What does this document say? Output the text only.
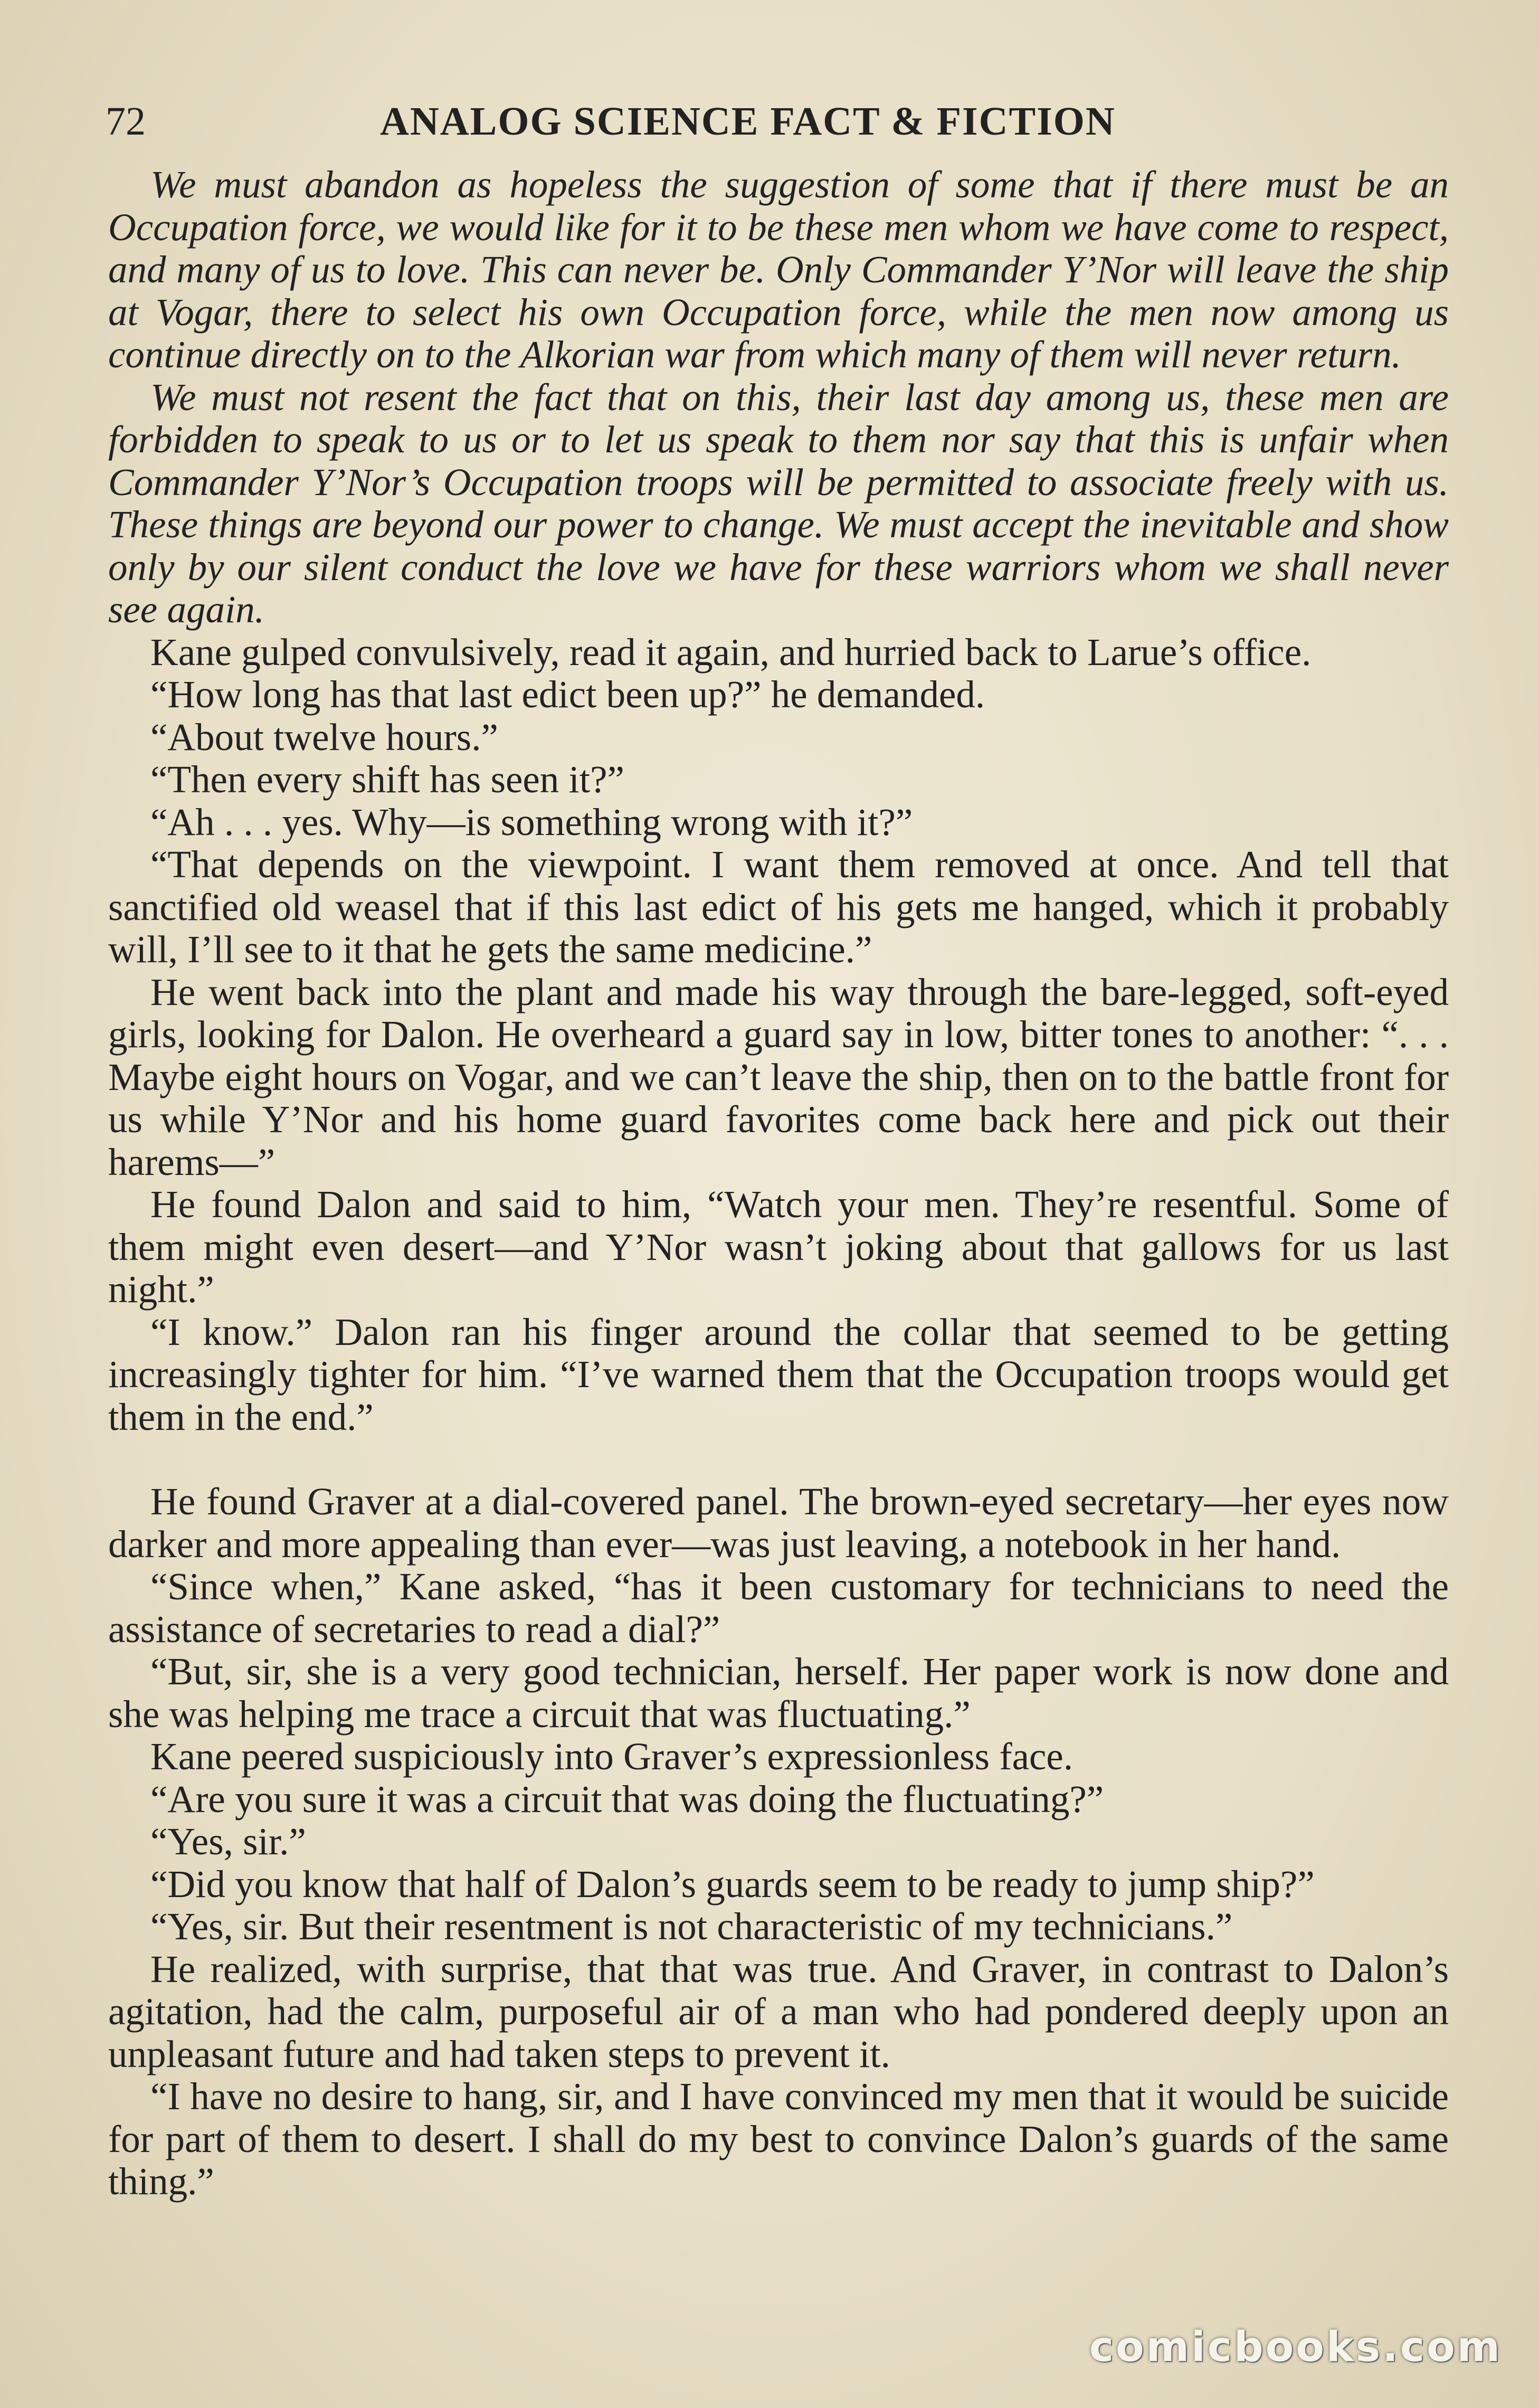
72	ANALOG SCIENCE FACT & FICTION

We must abandon as hopeless the suggestion of some that if there must be an Occupation force, we would like for it to be these men whom we have come to respect, and many of us to love. This can never be. Only Commander Y’Nor will leave the ship at Vogar, there to select his own Occupation force, while the men now among us continue directly on to the Alkorian war from which many of them will never return.

We must not resent the fact that on this, their last day among us, these men are forbidden to speak to us or to let us speak to them nor say that this is unfair when Commander Y’Nor’s Occupation troops will be permitted to associate freely with us. These things are beyond our power to change. We must accept the inevitable and show only by our silent conduct the love we have for these warriors whom we shall never see again.

Kane gulped convulsively, read it again, and hurried back to Larue’s office.

“How long has that last edict been up?” he demanded.

“About twelve hours.”

“Then every shift has seen it?”

“Ah . . . yes. Why—is something wrong with it?”

“That depends on the viewpoint. I want them removed at once. And tell that sanctified old weasel that if this last edict of his gets me hanged, which it probably will, I’ll see to it that he gets the same medicine.”

He went back into the plant and made his way through the bare-legged, soft-eyed girls, looking for Dalon. He overheard a guard say in low, bitter tones to another: “. . . Maybe eight hours on Vogar, and we can’t leave the ship, then on to the battle front for us while Y’Nor and his home guard favorites come back here and pick out their harems—”

He found Dalon and said to him, “Watch your men. They’re resentful. Some of them might even desert—and Y’Nor wasn’t joking about that gallows for us last night.”

“I know.” Dalon ran his finger around the collar that seemed to be getting increasingly tighter for him. “I’ve warned them that the Occupation troops would get them in the end.”

He found Graver at a dial-covered panel. The brown-eyed secretary—her eyes now darker and more appealing than ever—was just leaving, a notebook in her hand.

“Since when,” Kane asked, “has it been customary for technicians to need the assistance of secretaries to read a dial?”

“But, sir, she is a very good technician, herself. Her paper work is now done and she was helping me trace a circuit that was fluctuating.”

Kane peered suspiciously into Graver’s expressionless face.

“Are you sure it was a circuit that was doing the fluctuating?”

“Yes, sir.”

“Did you know that half of Dalon’s guards seem to be ready to jump ship?”

“Yes, sir. But their resentment is not characteristic of my technicians.”

He realized, with surprise, that that was true. And Graver, in contrast to Dalon’s agitation, had the calm, purposeful air of a man who had pondered deeply upon an unpleasant future and had taken steps to prevent it.

“I have no desire to hang, sir, and I have convinced my men that it would be suicide for part of them to desert. I shall do my best to convince Dalon’s guards of the same thing.”

comicbooks.com
